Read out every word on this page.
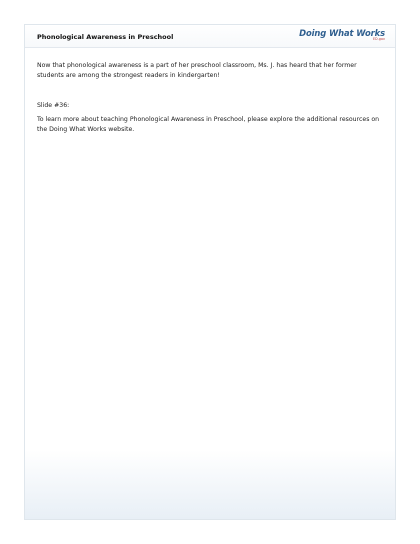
Phonological Awareness in Preschool	Doing What Works
ED.gov

Now that phonological awareness is a part of her preschool classroom, Ms. J. has heard that her former students are among the strongest readers in kindergarten!

Slide #36:

To learn more about teaching Phonological Awareness in Preschool, please explore the additional resources on the Doing What Works website.
